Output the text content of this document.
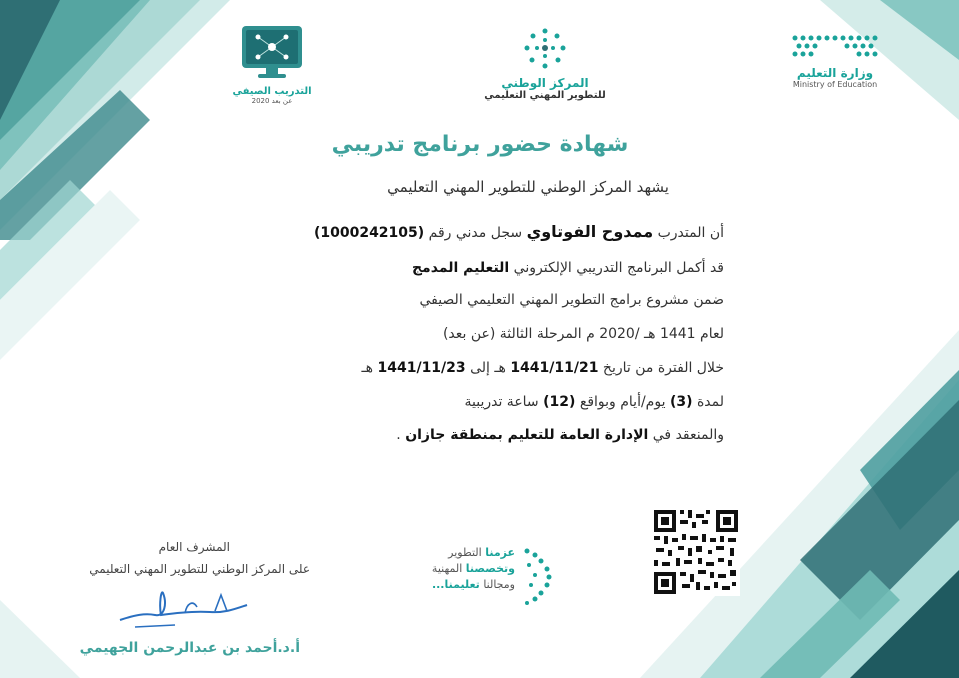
وزارة التعليم
Ministry of Education
المركز الوطني
للتطوير المهني التعليمي
التدريب الصيفي
2020 عن بعد
شهادة حضور برنامج تدريبي
يشهد المركز الوطني للتطوير المهني التعليمي
أن المتدرب ممدوح الفوتاوي سجل مدني رقم (1000242105)
قد أكمل البرنامج التدريبي الإلكتروني التعليم المدمج
ضمن مشروع برامج التطوير المهني التعليمي الصيفي
لعام 1441 هـ /2020 م المرحلة الثالثة (عن بعد)
خلال الفترة من تاريخ 1441/11/21 هـ إلى 1441/11/23 هـ
لمدة (3) يوم/أيام وبواقع (12) ساعة تدريبية
والمنعقد في الإدارة العامة للتعليم بمنطقة جازان .
عزمنا التطوير
وتخصصنا المهنية
ومجالنا تعليمنا...
المشرف العام
على المركز الوطني للتطوير المهني التعليمي
أ.د.أحمد بن عبدالرحمن الجهيمي
